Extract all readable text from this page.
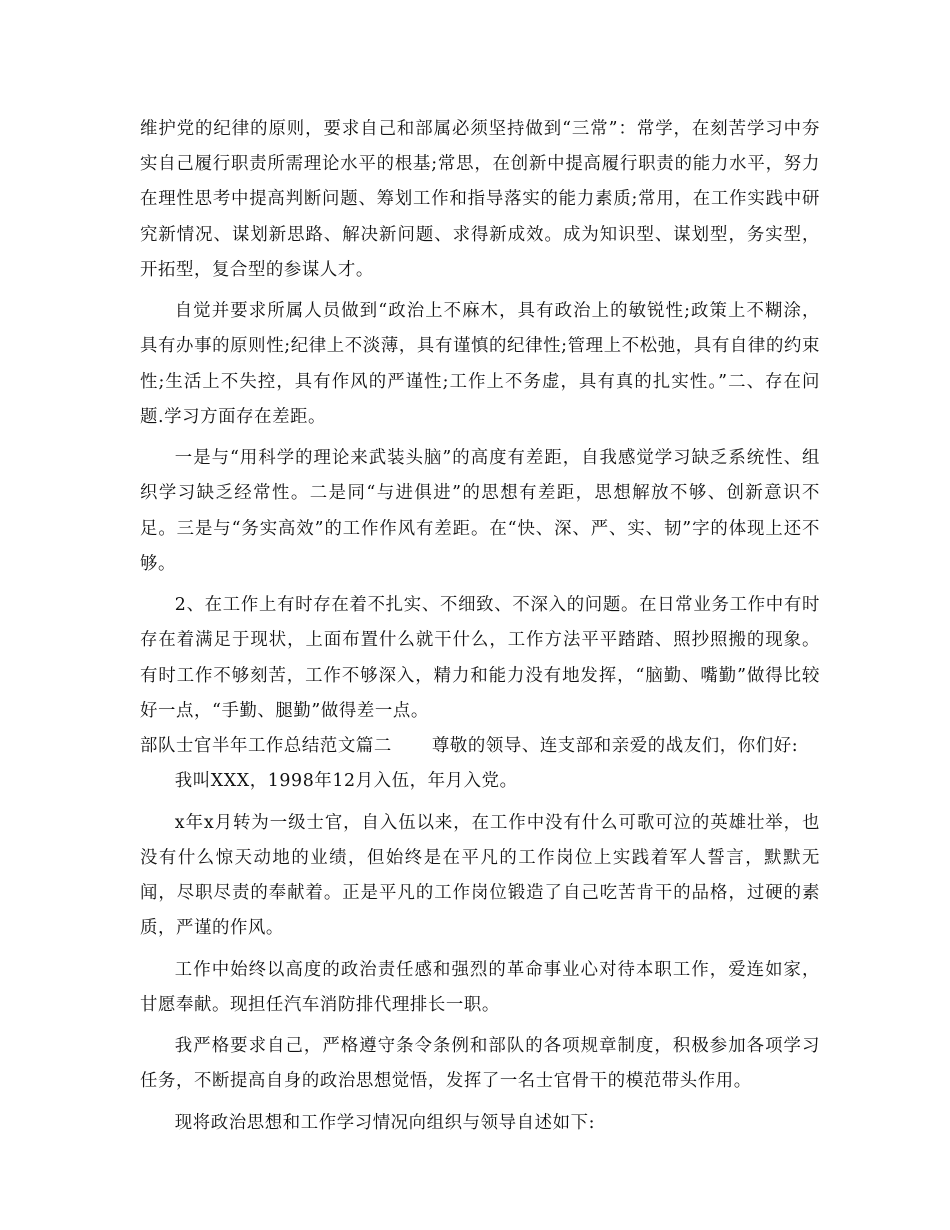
维护党的纪律的原则，要求自己和部属必须坚持做到“三常”：常学，在刻苦学习中夯实自己履行职责所需理论水平的根基;常思，在创新中提高履行职责的能力水平，努力在理性思考中提高判断问题、筹划工作和指导落实的能力素质;常用，在工作实践中研究新情况、谋划新思路、解决新问题、求得新成效。成为知识型、谋划型，务实型，开拓型，复合型的参谋人才。

自觉并要求所属人员做到“政治上不麻木，具有政治上的敏锐性;政策上不糊涂，具有办事的原则性;纪律上不淡薄，具有谨慎的纪律性;管理上不松弛，具有自律的约束性;生活上不失控，具有作风的严谨性;工作上不务虚，具有真的扎实性。”二、存在问题.学习方面存在差距。

一是与“用科学的理论来武装头脑”的高度有差距，自我感觉学习缺乏系统性、组织学习缺乏经常性。二是同“与进俱进”的思想有差距，思想解放不够、创新意识不足。三是与“务实高效”的工作作风有差距。在“快、深、严、实、韧”字的体现上还不够。

2、在工作上有时存在着不扎实、不细致、不深入的问题。在日常业务工作中有时存在着满足于现状，上面布置什么就干什么，工作方法平平踏踏、照抄照搬的现象。有时工作不够刻苦，工作不够深入，精力和能力没有地发挥，“脑勤、嘴勤”做得比较好一点，“手勤、腿勤”做得差一点。

部队士官半年工作总结范文篇二 尊敬的领导、连支部和亲爱的战友们，你们好:

我叫XXX，1998年12月入伍，年月入党。

x年x月转为一级士官，自入伍以来，在工作中没有什么可歌可泣的英雄壮举，也没有什么惊天动地的业绩，但始终是在平凡的工作岗位上实践着军人誓言，默默无闻，尽职尽责的奉献着。正是平凡的工作岗位锻造了自己吃苦肯干的品格，过硬的素质，严谨的作风。

工作中始终以高度的政治责任感和强烈的革命事业心对待本职工作，爱连如家，甘愿奉献。现担任汽车消防排代理排长一职。

我严格要求自己，严格遵守条令条例和部队的各项规章制度，积极参加各项学习任务，不断提高自身的政治思想觉悟，发挥了一名士官骨干的模范带头作用。

现将政治思想和工作学习情况向组织与领导自述如下:
